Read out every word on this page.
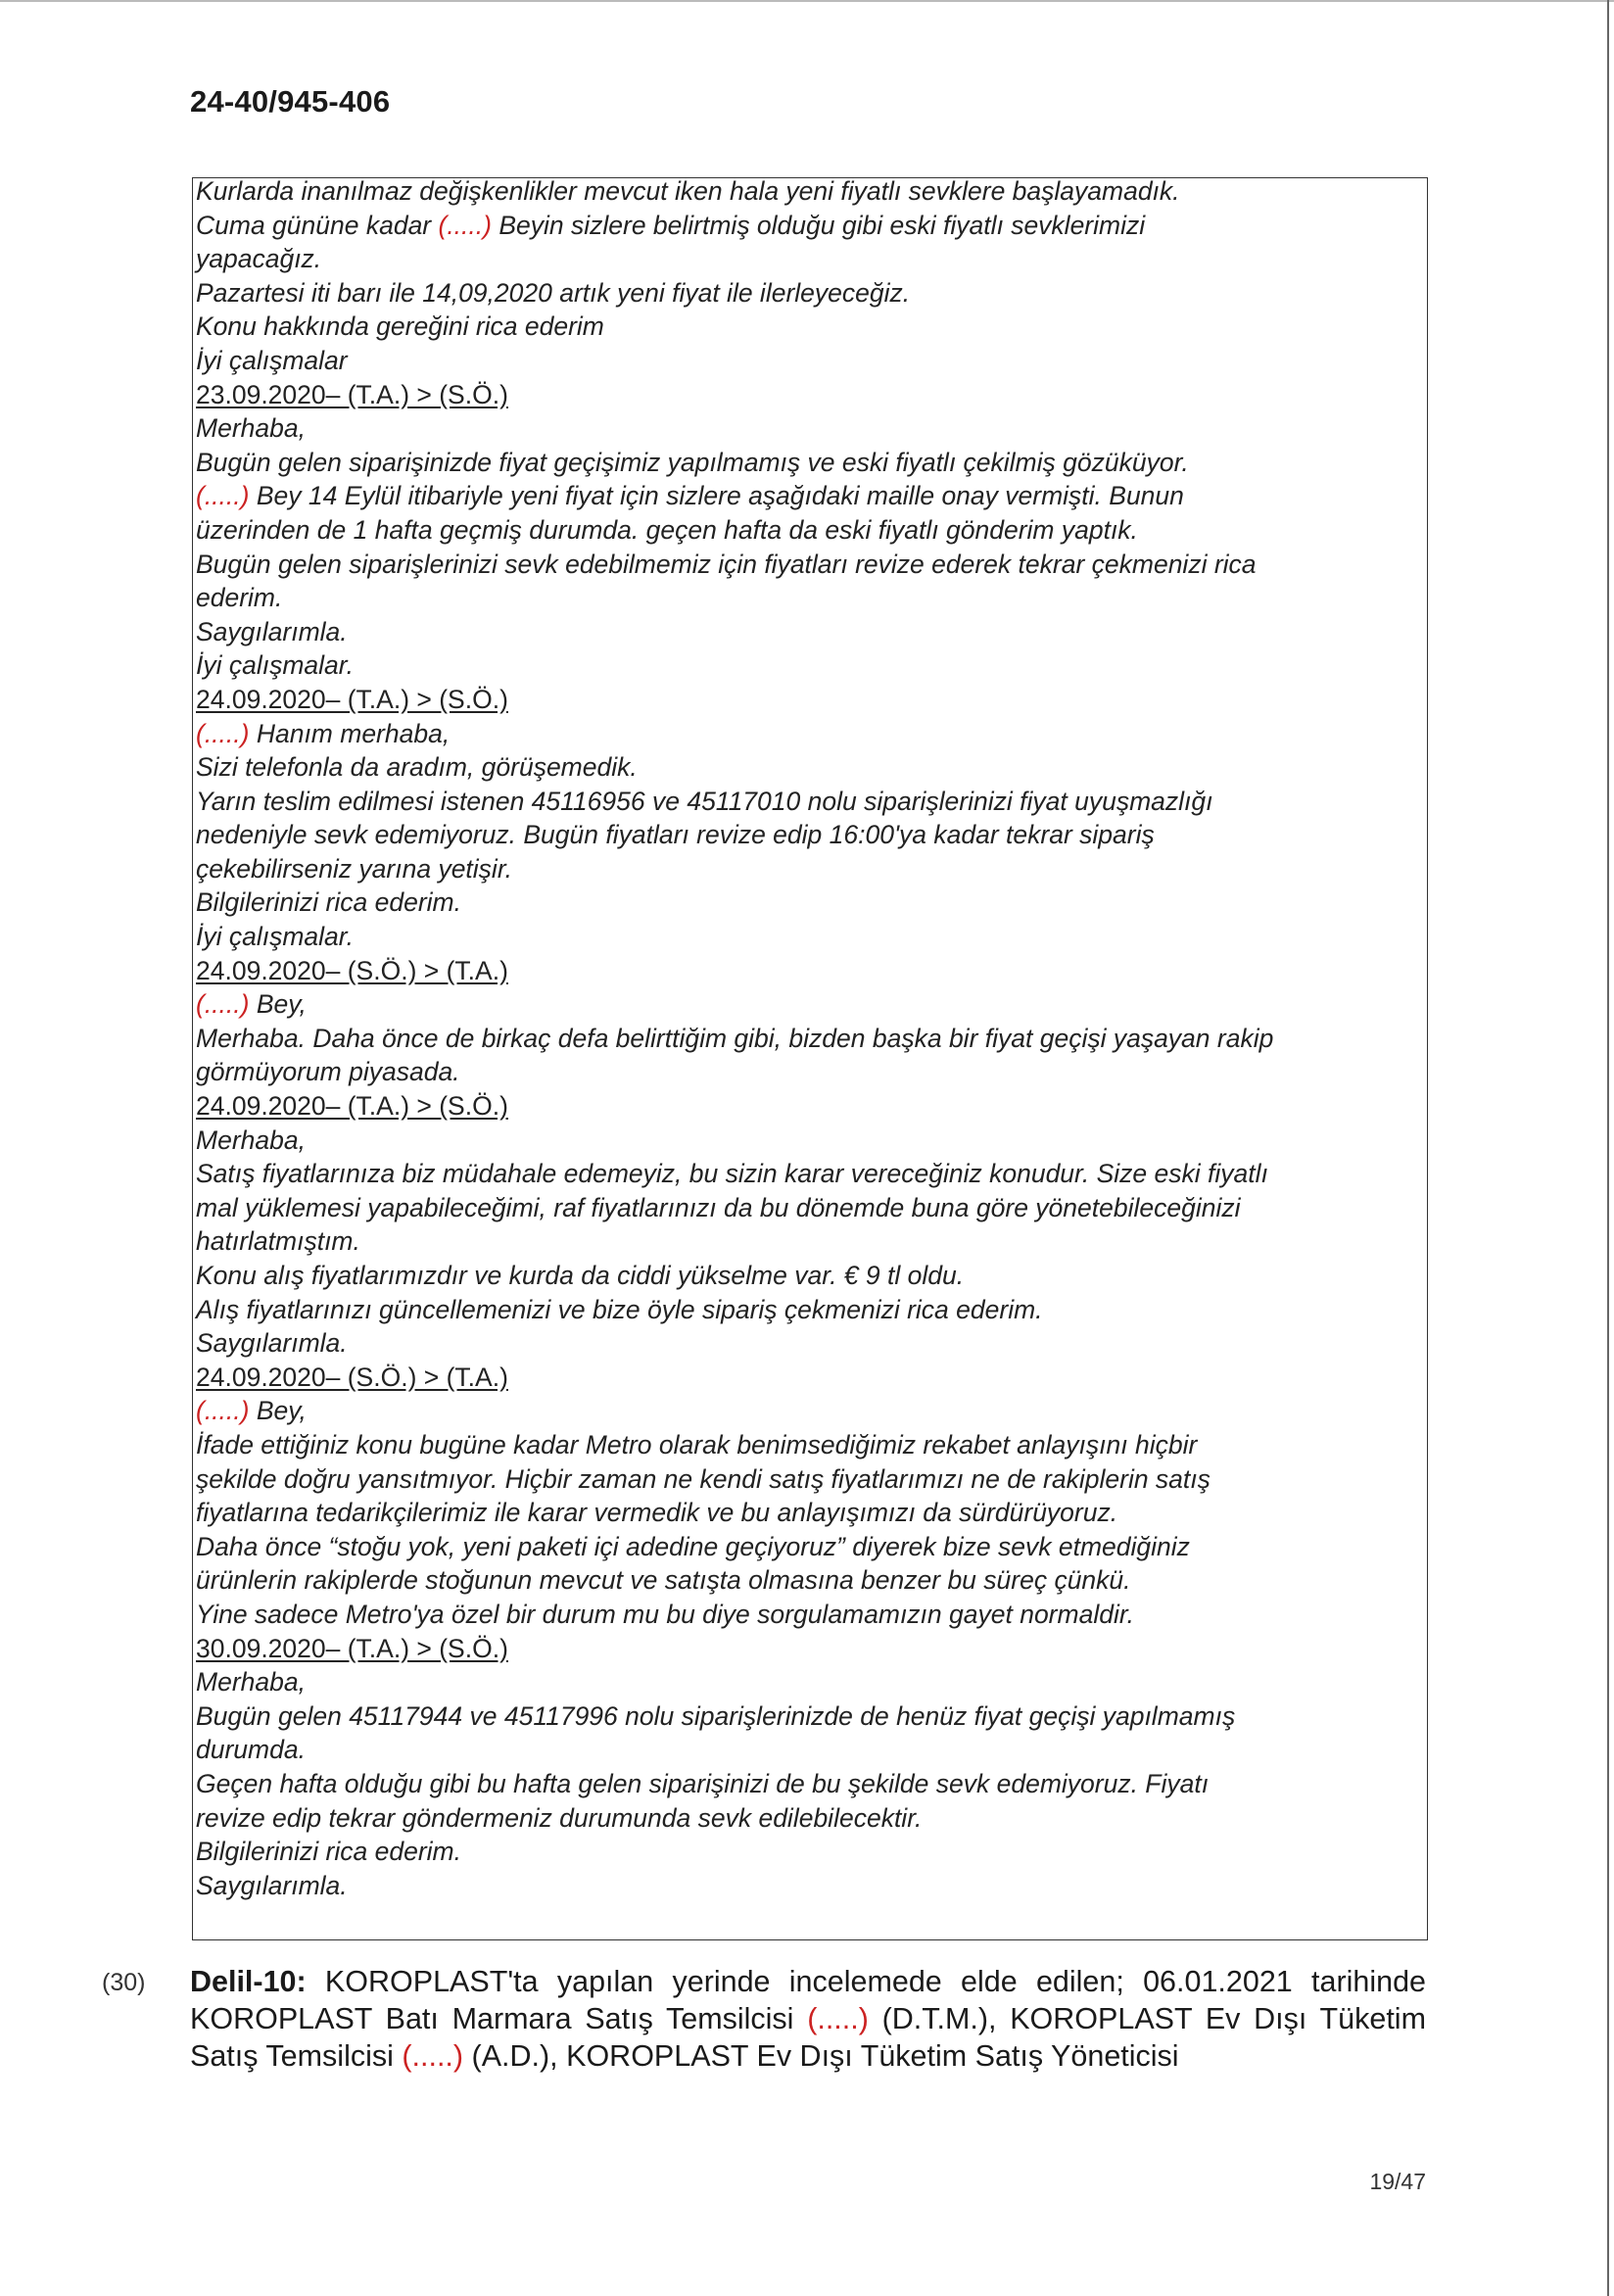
24-40/945-406
Kurlarda inanılmaz değişkenlikler mevcut iken hala yeni fiyatlı sevklere başlayamadık.
Cuma gününe kadar (.....) Beyin sizlere belirtmiş olduğu gibi eski fiyatlı sevklerimizi
yapacağız.
Pazartesi iti barı ile 14,09,2020 artık yeni fiyat ile ilerleyeceğiz.
Konu hakkında gereğini rica ederim
İyi çalışmalar
23.09.2020– (T.A.) > (S.Ö.)
Merhaba,
Bugün gelen siparişinizde fiyat geçişimiz yapılmamış ve eski fiyatlı çekilmiş gözüküyor.
(.....) Bey 14 Eylül itibariyle yeni fiyat için sizlere aşağıdaki maille onay vermişti. Bunun
üzerinden de 1 hafta geçmiş durumda. geçen hafta da eski fiyatlı gönderim yaptık.
Bugün gelen siparişlerinizi sevk edebilmemiz için fiyatları revize ederek tekrar çekmenizi rica
ederim.
Saygılarımla.
İyi çalışmalar.
24.09.2020– (T.A.) > (S.Ö.)
(.....) Hanım merhaba,
Sizi telefonla da aradım, görüşemedik.
Yarın teslim edilmesi istenen 45116956 ve 45117010 nolu siparişlerinizi fiyat uyuşmazlığı
nedeniyle sevk edemiyoruz. Bugün fiyatları revize edip 16:00'ya kadar tekrar sipariş
çekebilirseniz yarına yetişir.
Bilgilerinizi rica ederim.
İyi çalışmalar.
24.09.2020– (S.Ö.) > (T.A.)
(.....) Bey,
Merhaba. Daha önce de birkaç defa belirttiğim gibi, bizden başka bir fiyat geçişi yaşayan rakip
görmüyorum piyasada.
24.09.2020– (T.A.) > (S.Ö.)
Merhaba,
Satış fiyatlarınıza biz müdahale edemeyiz, bu sizin karar vereceğiniz konudur. Size eski fiyatlı
mal yüklemesi yapabileceğimi, raf fiyatlarınızı da bu dönemde buna göre yönetebileceğinizi
hatırlatmıştım.
Konu alış fiyatlarımızdır ve kurda da ciddi yükselme var. € 9 tl oldu.
Alış fiyatlarınızı güncellemenizi ve bize öyle sipariş çekmenizi rica ederim.
Saygılarımla.
24.09.2020– (S.Ö.) > (T.A.)
(.....) Bey,
İfade ettiğiniz konu bugüne kadar Metro olarak benimsediğimiz rekabet anlayışını hiçbir
şekilde doğru yansıtmıyor. Hiçbir zaman ne kendi satış fiyatlarımızı ne de rakiplerin satış
fiyatlarına tedarikçilerimiz ile karar vermedik ve bu anlayışımızı da sürdürüyoruz.
Daha önce “stoğu yok, yeni paketi içi adedine geçiyoruz” diyerek bize sevk etmediğiniz
ürünlerin rakiplerde stoğunun mevcut ve satışta olmasına benzer bu süreç çünkü.
Yine sadece Metro'ya özel bir durum mu bu diye sorgulamamızın gayet normaldir.
30.09.2020– (T.A.) > (S.Ö.)
Merhaba,
Bugün gelen 45117944 ve 45117996 nolu siparişlerinizde de henüz fiyat geçişi yapılmamış
durumda.
Geçen hafta olduğu gibi bu hafta gelen siparişinizi de bu şekilde sevk edemiyoruz. Fiyatı
revize edip tekrar göndermeniz durumunda sevk edilebilecektir.
Bilgilerinizi rica ederim.
Saygılarımla.
(30) Delil-10: KOROPLAST'ta yapılan yerinde incelemede elde edilen; 06.01.2021 tarihinde KOROPLAST Batı Marmara Satış Temsilcisi (.....) (D.T.M.), KOROPLAST Ev Dışı Tüketim Satış Temsilcisi (.....) (A.D.), KOROPLAST Ev Dışı Tüketim Satış Yöneticisi
19/47
